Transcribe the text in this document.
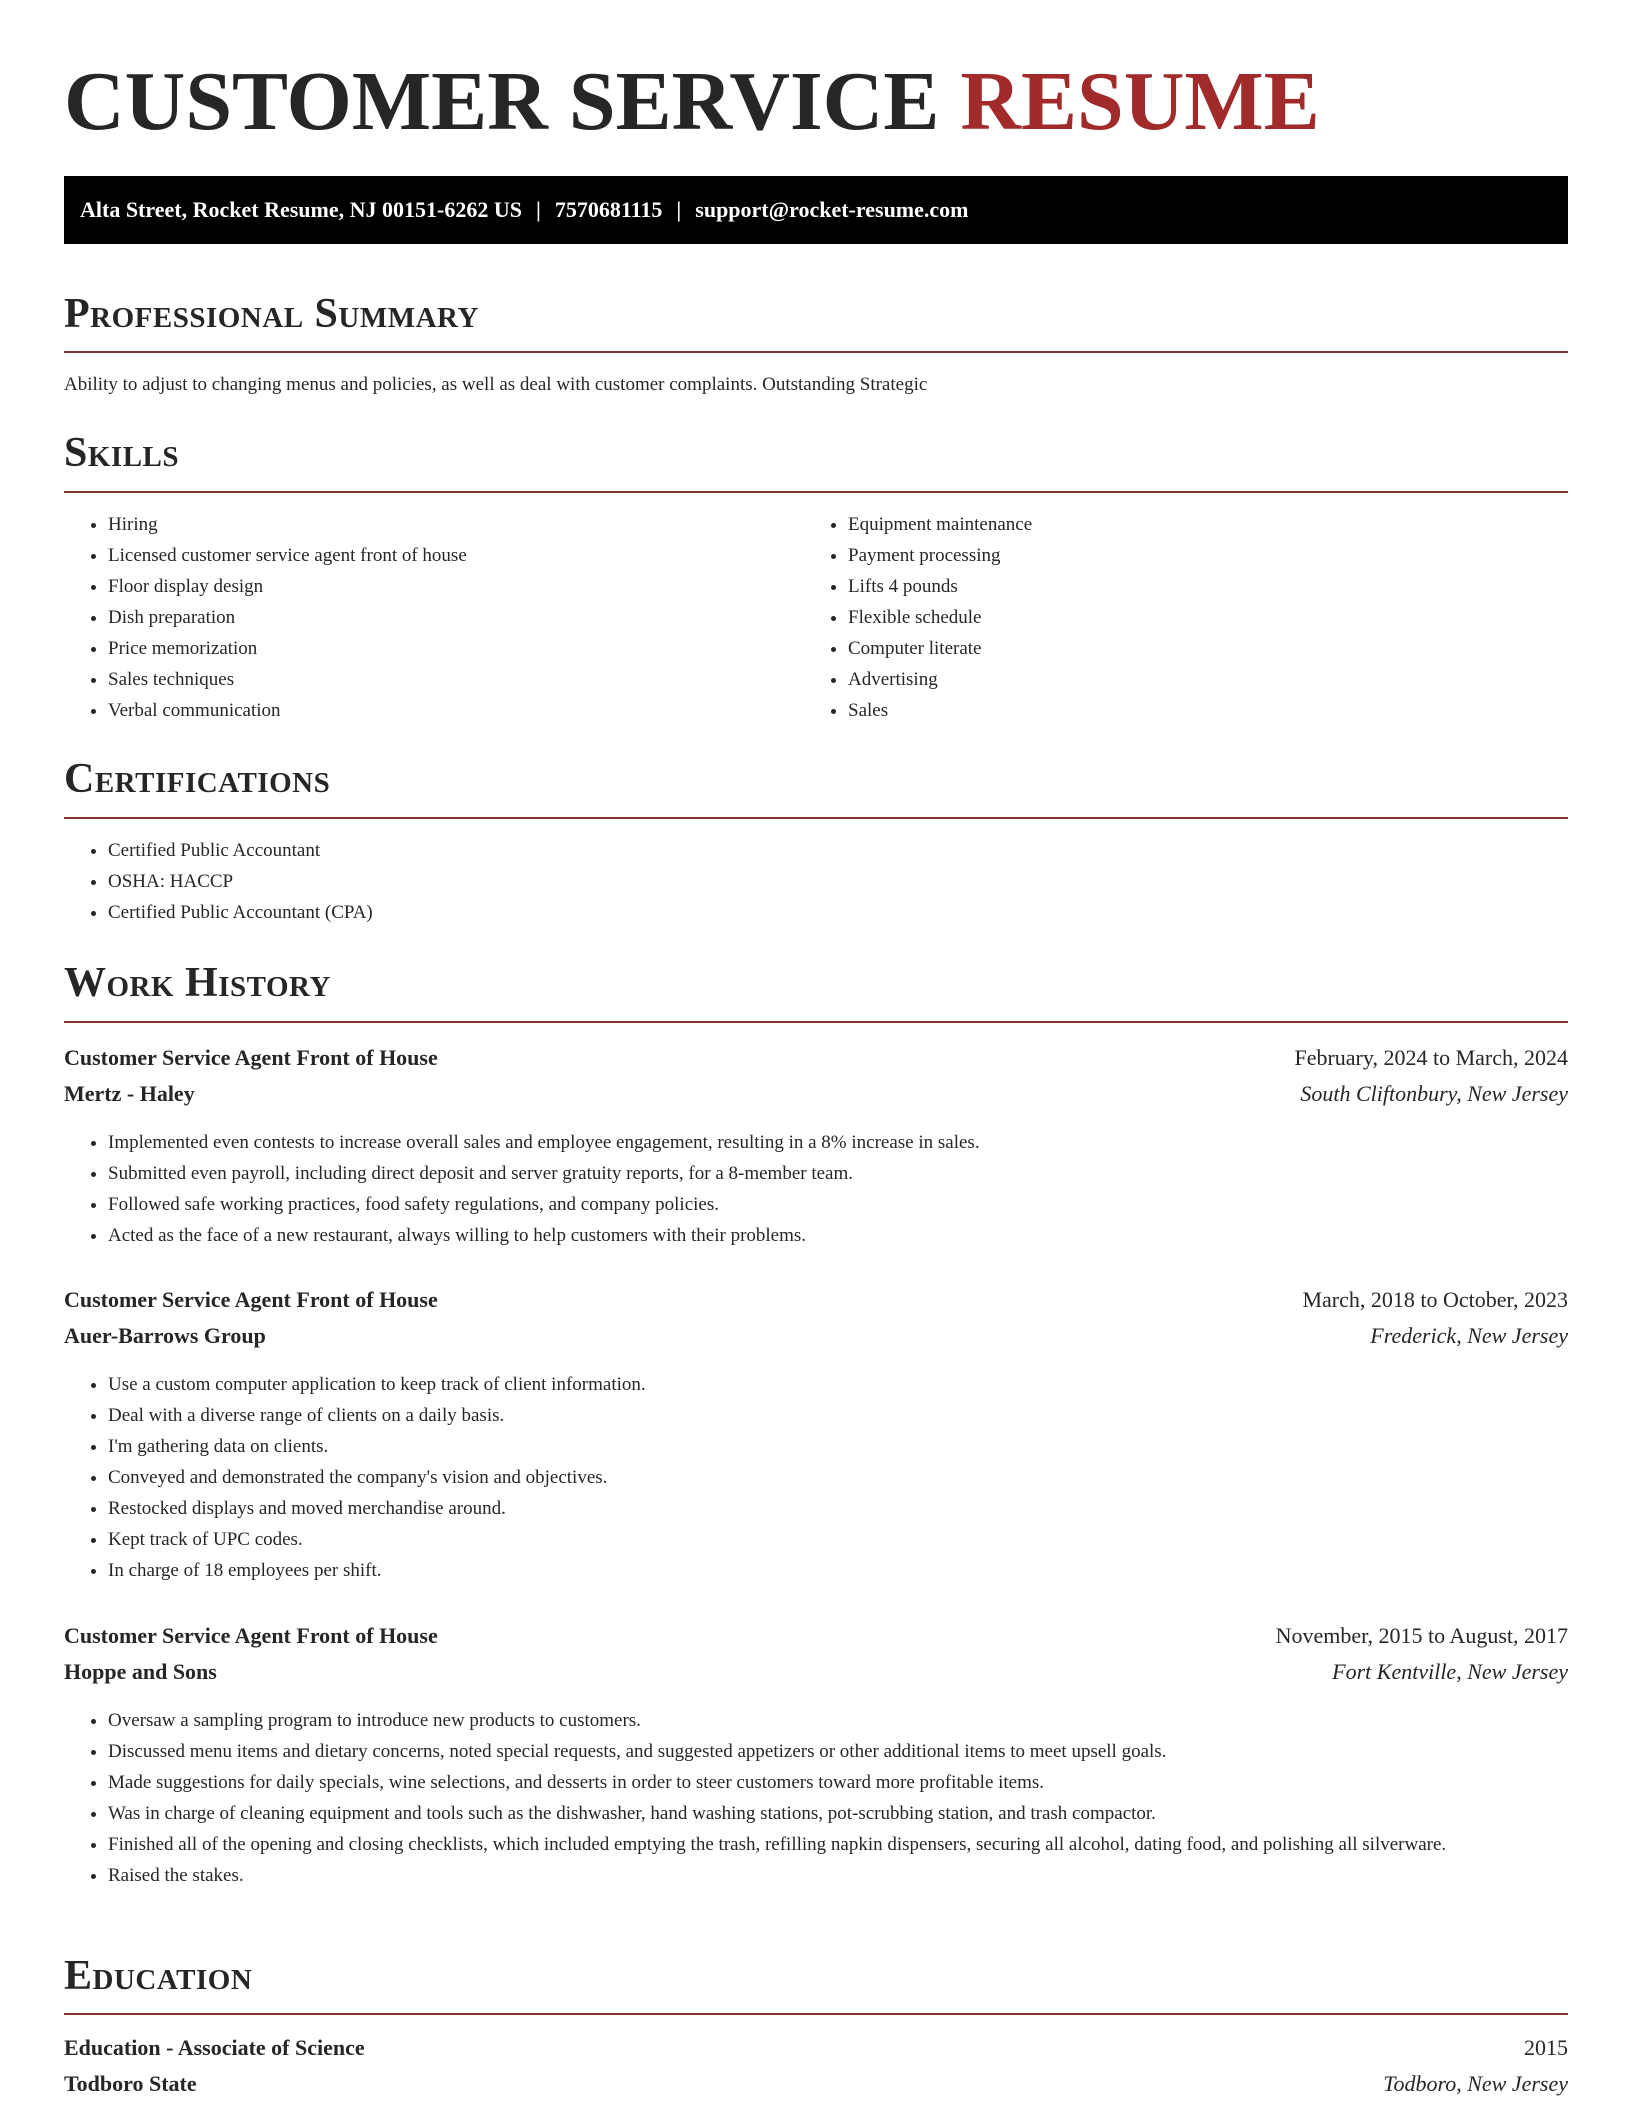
CUSTOMER SERVICE RESUME
Alta Street, Rocket Resume, NJ 00151-6262 US | 7570681115 | support@rocket-resume.com
Professional Summary

Ability to adjust to changing menus and policies, as well as deal with customer complaints. Outstanding Strategic

Skills
• Hiring
• Licensed customer service agent front of house
• Floor display design
• Dish preparation
• Price memorization
• Sales techniques
• Verbal communication
• Equipment maintenance
• Payment processing
• Lifts 4 pounds
• Flexible schedule
• Computer literate
• Advertising
• Sales
Certifications
• Certified Public Accountant
• OSHA: HACCP
• Certified Public Accountant (CPA)
Work History
Customer Service Agent Front of House	February, 2024 to March, 2024
Mertz - Haley	South Cliftonbury, New Jersey
• Implemented even contests to increase overall sales and employee engagement, resulting in a 8% increase in sales.
• Submitted even payroll, including direct deposit and server gratuity reports, for a 8-member team.
• Followed safe working practices, food safety regulations, and company policies.
• Acted as the face of a new restaurant, always willing to help customers with their problems.
Customer Service Agent Front of House	March, 2018 to October, 2023
Auer-Barrows Group	Frederick, New Jersey
• Use a custom computer application to keep track of client information.
• Deal with a diverse range of clients on a daily basis.
• I'm gathering data on clients.
• Conveyed and demonstrated the company's vision and objectives.
• Restocked displays and moved merchandise around.
• Kept track of UPC codes.
• In charge of 18 employees per shift.
Customer Service Agent Front of House	November, 2015 to August, 2017
Hoppe and Sons	Fort Kentville, New Jersey
• Oversaw a sampling program to introduce new products to customers.
• Discussed menu items and dietary concerns, noted special requests, and suggested appetizers or other additional items to meet upsell goals.
• Made suggestions for daily specials, wine selections, and desserts in order to steer customers toward more profitable items.
• Was in charge of cleaning equipment and tools such as the dishwasher, hand washing stations, pot-scrubbing station, and trash compactor.
• Finished all of the opening and closing checklists, which included emptying the trash, refilling napkin dispensers, securing all alcohol, dating food, and polishing all silverware.
• Raised the stakes.
Education
Education - Associate of Science	2015
Todboro State	Todboro, New Jersey
